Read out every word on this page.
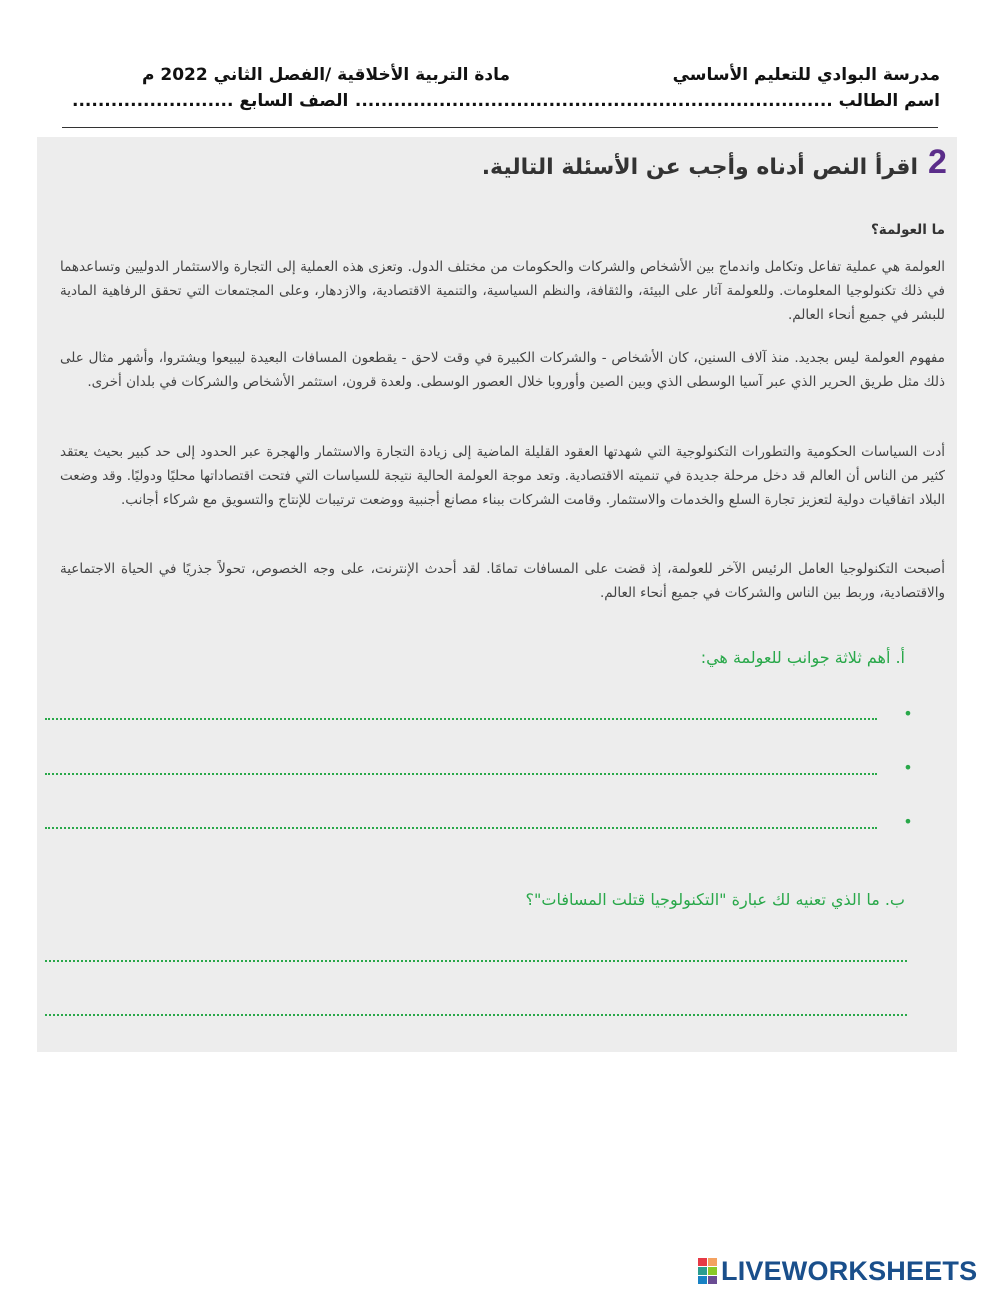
مدرسة البوادي للتعليم الأساسي
اسم الطالب ..........................................................................
مادة التربية الأخلاقية /الفصل الثاني 2022 م
الصف السابع .........................
2
اقرأ النص أدناه وأجب عن الأسئلة التالية.
ما العولمة؟

العولمة هي عملية تفاعل وتكامل واندماج بين الأشخاص والشركات والحكومات من مختلف الدول. وتعزى هذه العملية إلى التجارة والاستثمار الدوليين وتساعدهما في ذلك تكنولوجيا المعلومات. وللعولمة آثار على البيئة، والثقافة، والنظم السياسية، والتنمية الاقتصادية، والازدهار، وعلى المجتمعات التي تحقق الرفاهية المادية للبشر في جميع أنحاء العالم.

مفهوم العولمة ليس بجديد. منذ آلاف السنين، كان الأشخاص - والشركات الكبيرة في وقت لاحق - يقطعون المسافات البعيدة ليبيعوا ويشتروا، وأشهر مثال على ذلك مثل طريق الحرير الذي عبر آسيا الوسطى الذي وبين الصين وأوروبا خلال العصور الوسطى. ولعدة قرون، استثمر الأشخاص والشركات في بلدان أخرى.

أدت السياسات الحكومية والتطورات التكنولوجية التي شهدتها العقود القليلة الماضية إلى زيادة التجارة والاستثمار والهجرة عبر الحدود إلى حد كبير بحيث يعتقد كثير من الناس أن العالم قد دخل مرحلة جديدة في تنميته الاقتصادية. وتعد موجة العولمة الحالية نتيجة للسياسات التي فتحت اقتصاداتها محليًا ودوليًا. وقد وضعت البلاد اتفاقيات دولية لتعزيز تجارة السلع والخدمات والاستثمار. وقامت الشركات ببناء مصانع أجنبية ووضعت ترتيبات للإنتاج والتسويق مع شركاء أجانب.

أصبحت التكنولوجيا العامل الرئيس الآخر للعولمة، إذ قضت على المسافات تمامًا. لقد أحدث الإنترنت، على وجه الخصوص، تحولاً جذريًا في الحياة الاجتماعية والاقتصادية، وربط بين الناس والشركات في جميع أنحاء العالم.

أ. أهم ثلاثة جوانب للعولمة هي:
•
•
•
ب. ما الذي تعنيه لك عبارة "التكنولوجيا قتلت المسافات"؟
LIVEWORKSHEETS
